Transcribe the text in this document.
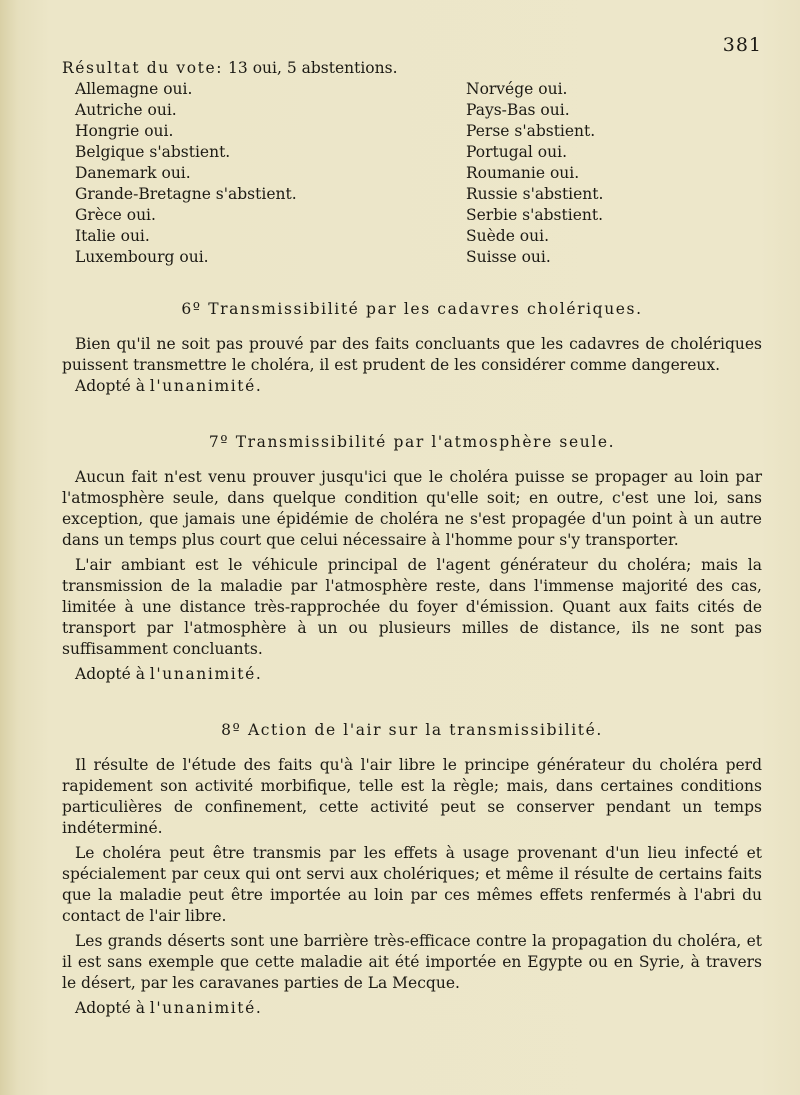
381
Résultat du vote: 13 oui, 5 abstentions.
Allemagne oui.
Autriche oui.
Hongrie oui.
Belgique s'abstient.
Danemark oui.
Grande-Bretagne s'abstient.
Grèce oui.
Italie oui.
Luxembourg oui.
Norvége oui.
Pays-Bas oui.
Perse s'abstient.
Portugal oui.
Roumanie oui.
Russie s'abstient.
Serbie s'abstient.
Suède oui.
Suisse oui.
6º Transmissibilité par les cadavres cholériques.

Bien qu'il ne soit pas prouvé par des faits concluants que les cadavres de cholériques puissent transmettre le choléra, il est prudent de les considérer comme dangereux.

Adopté à l'unanimité.
7º Transmissibilité par l'atmosphère seule.

Aucun fait n'est venu prouver jusqu'ici que le choléra puisse se propager au loin par l'atmosphère seule, dans quelque condition qu'elle soit; en outre, c'est une loi, sans exception, que jamais une épidémie de choléra ne s'est propagée d'un point à un autre dans un temps plus court que celui nécessaire à l'homme pour s'y transporter.

L'air ambiant est le véhicule principal de l'agent générateur du choléra; mais la transmission de la maladie par l'atmosphère reste, dans l'immense majorité des cas, limitée à une distance très-rapprochée du foyer d'émission. Quant aux faits cités de transport par l'atmosphère à un ou plusieurs milles de distance, ils ne sont pas suffisamment concluants.

Adopté à l'unanimité.
8º Action de l'air sur la transmissibilité.

Il résulte de l'étude des faits qu'à l'air libre le principe générateur du choléra perd rapidement son activité morbifique, telle est la règle; mais, dans certaines conditions particulières de confinement, cette activité peut se conserver pendant un temps indéterminé.

Le choléra peut être transmis par les effets à usage provenant d'un lieu infecté et spécialement par ceux qui ont servi aux cholériques; et même il résulte de certains faits que la maladie peut être importée au loin par ces mêmes effets renfermés à l'abri du contact de l'air libre.

Les grands déserts sont une barrière très-efficace contre la propagation du choléra, et il est sans exemple que cette maladie ait été importée en Egypte ou en Syrie, à travers le désert, par les caravanes parties de La Mecque.

Adopté à l'unanimité.
